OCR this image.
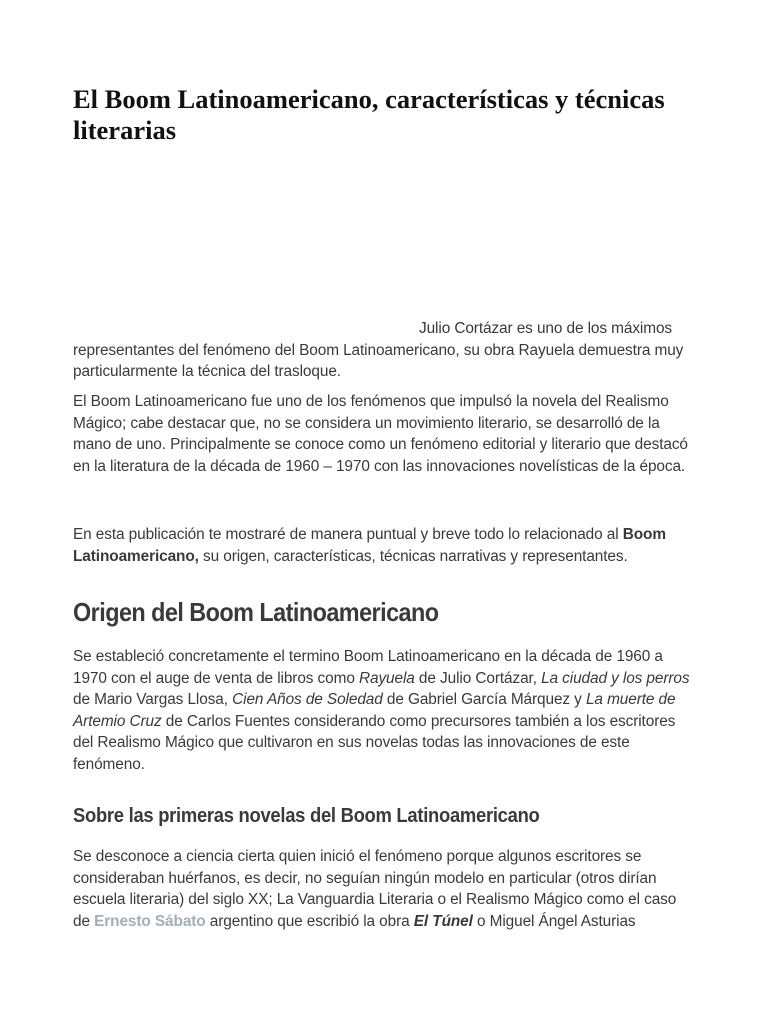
El Boom Latinoamericano, características y técnicas literarias

Julio Cortázar es uno de los máximos representantes del fenómeno del Boom Latinoamericano, su obra Rayuela demuestra muy particularmente la técnica del trasloque.

El Boom Latinoamericano fue uno de los fenómenos que impulsó la novela del Realismo Mágico; cabe destacar que, no se considera un movimiento literario, se desarrolló de la mano de uno. Principalmente se conoce como un fenómeno editorial y literario que destacó en la literatura de la década de 1960 – 1970 con las innovaciones novelísticas de la época.

En esta publicación te mostraré de manera puntual y breve todo lo relacionado al Boom Latinoamericano, su origen, características, técnicas narrativas y representantes.

Origen del Boom Latinoamericano

Se estableció concretamente el termino Boom Latinoamericano en la década de 1960 a 1970 con el auge de venta de libros como Rayuela de Julio Cortázar, La ciudad y los perros de Mario Vargas Llosa, Cien Años de Soledad de Gabriel García Márquez y La muerte de Artemio Cruz de Carlos Fuentes considerando como precursores también a los escritores del Realismo Mágico que cultivaron en sus novelas todas las innovaciones de este fenómeno.

Sobre las primeras novelas del Boom Latinoamericano

Se desconoce a ciencia cierta quien inició el fenómeno porque algunos escritores se consideraban huérfanos, es decir, no seguían ningún modelo en particular (otros dirían escuela literaria) del siglo XX; La Vanguardia Literaria o el Realismo Mágico como el caso de Ernesto Sábato argentino que escribió la obra El Túnel o Miguel Ángel Asturias
